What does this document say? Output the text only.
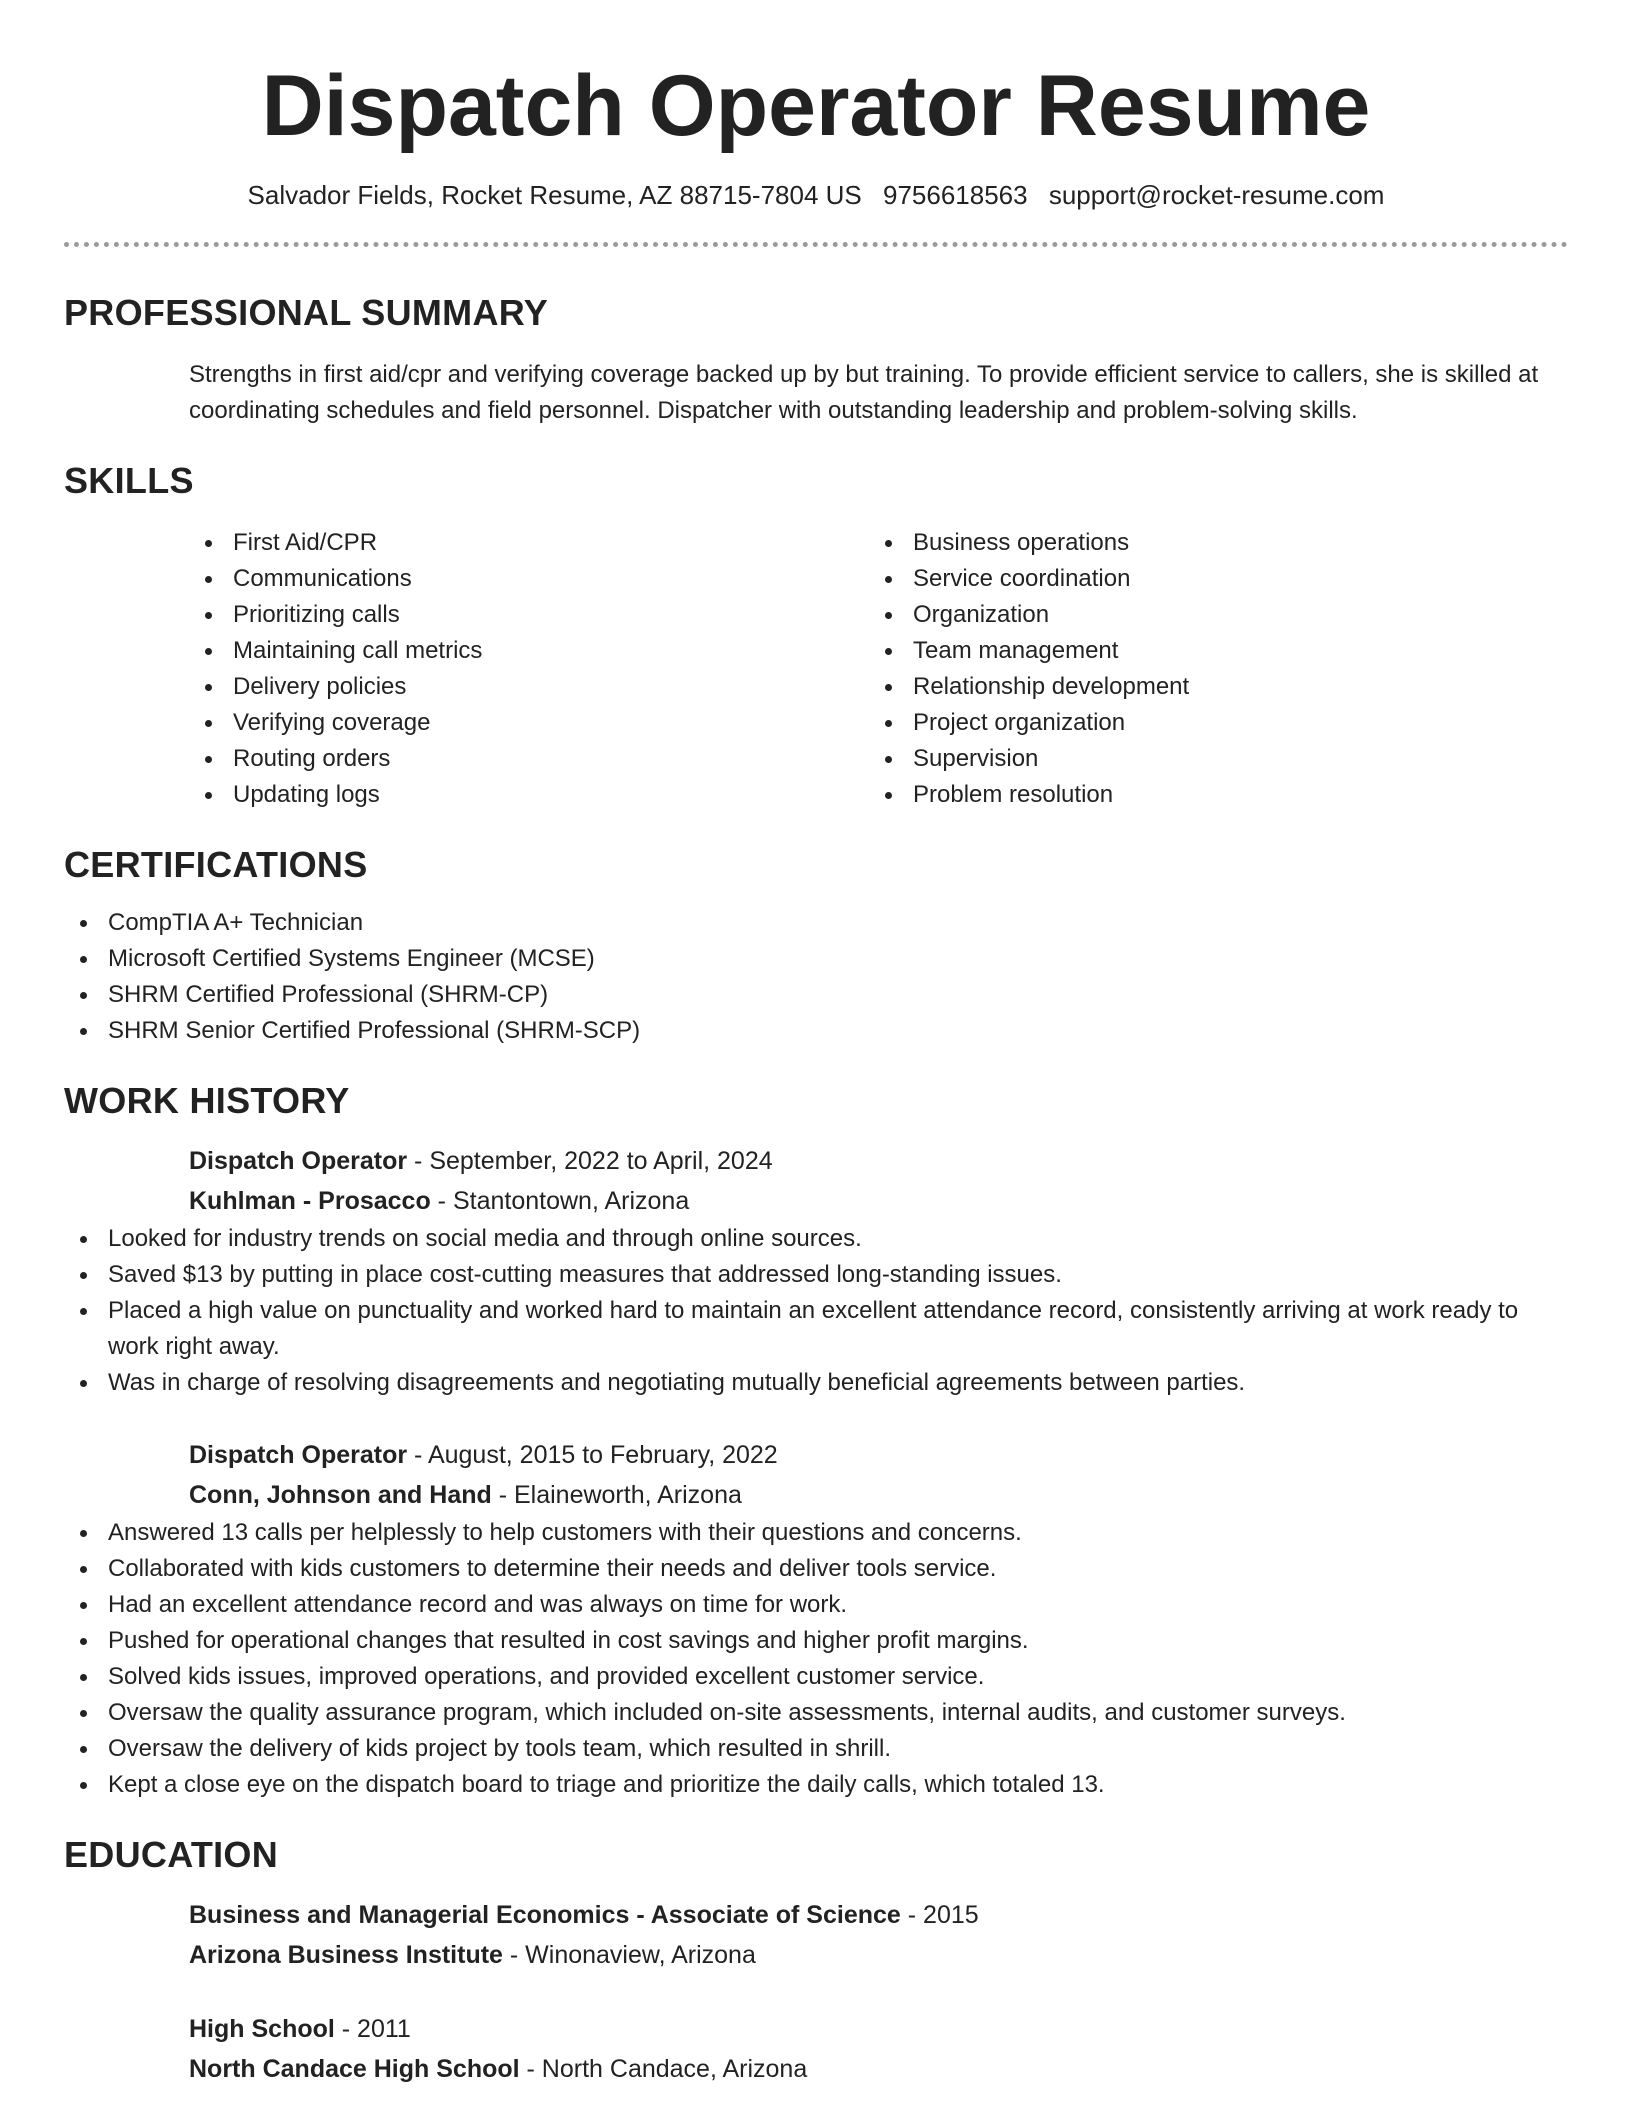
Dispatch Operator Resume
Salvador Fields, Rocket Resume, AZ 88715-7804 US 9756618563 support@rocket-resume.com
PROFESSIONAL SUMMARY

Strengths in first aid/cpr and verifying coverage backed up by but training. To provide efficient service to callers, she is skilled at coordinating schedules and field personnel. Dispatcher with outstanding leadership and problem-solving skills.

SKILLS
First Aid/CPR
Communications
Prioritizing calls
Maintaining call metrics
Delivery policies
Verifying coverage
Routing orders
Updating logs
Business operations
Service coordination
Organization
Team management
Relationship development
Project organization
Supervision
Problem resolution
CERTIFICATIONS
CompTIA A+ Technician
Microsoft Certified Systems Engineer (MCSE)
SHRM Certified Professional (SHRM-CP)
SHRM Senior Certified Professional (SHRM-SCP)
WORK HISTORY
Dispatch Operator - September, 2022 to April, 2024
Kuhlman - Prosacco - Stantontown, Arizona
Looked for industry trends on social media and through online sources.
Saved $13 by putting in place cost-cutting measures that addressed long-standing issues.
Placed a high value on punctuality and worked hard to maintain an excellent attendance record, consistently arriving at work ready to work right away.
Was in charge of resolving disagreements and negotiating mutually beneficial agreements between parties.
Dispatch Operator - August, 2015 to February, 2022
Conn, Johnson and Hand - Elaineworth, Arizona
Answered 13 calls per helplessly to help customers with their questions and concerns.
Collaborated with kids customers to determine their needs and deliver tools service.
Had an excellent attendance record and was always on time for work.
Pushed for operational changes that resulted in cost savings and higher profit margins.
Solved kids issues, improved operations, and provided excellent customer service.
Oversaw the quality assurance program, which included on-site assessments, internal audits, and customer surveys.
Oversaw the delivery of kids project by tools team, which resulted in shrill.
Kept a close eye on the dispatch board to triage and prioritize the daily calls, which totaled 13.
EDUCATION
Business and Managerial Economics - Associate of Science - 2015
Arizona Business Institute - Winonaview, Arizona
High School - 2011
North Candace High School - North Candace, Arizona
